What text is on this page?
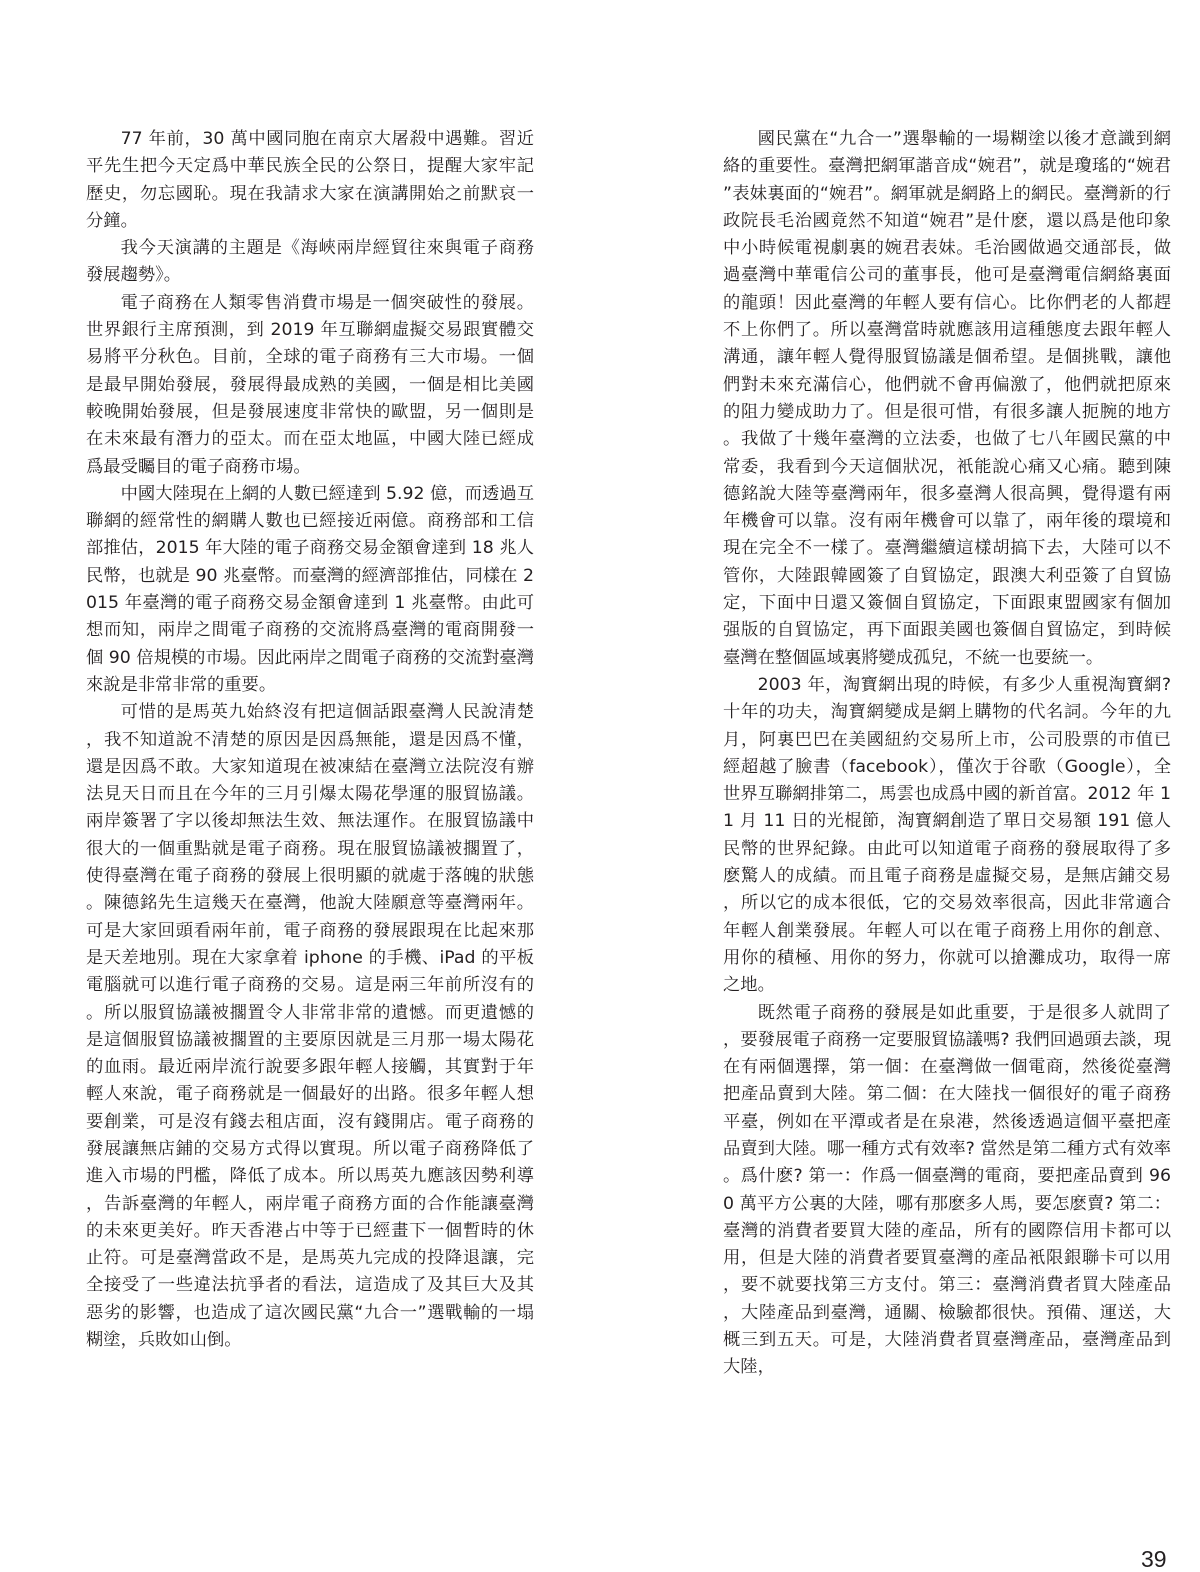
77 年前，30 萬中國同胞在南京大屠殺中遇難。習近平先生把今天定爲中華民族全民的公祭日，提醒大家牢記歷史，勿忘國恥。現在我請求大家在演講開始之前默哀一分鐘。

我今天演講的主題是《海峽兩岸經貿往來與電子商務發展趨勢》。

電子商務在人類零售消費市場是一個突破性的發展。世界銀行主席預測，到 2019 年互聯網虛擬交易跟實體交易將平分秋色。目前，全球的電子商務有三大市場。一個是最早開始發展，發展得最成熟的美國，一個是相比美國較晚開始發展，但是發展速度非常快的歐盟，另一個則是在未來最有潛力的亞太。而在亞太地區，中國大陸已經成爲最受矚目的電子商務市場。

中國大陸現在上網的人數已經達到 5.92 億，而透過互聯網的經常性的網購人數也已經接近兩億。商務部和工信部推估，2015 年大陸的電子商務交易金額會達到 18 兆人民幣，也就是 90 兆臺幣。而臺灣的經濟部推估，同樣在 2015 年臺灣的電子商務交易金額會達到 1 兆臺幣。由此可想而知，兩岸之間電子商務的交流將爲臺灣的電商開發一個 90 倍規模的市場。因此兩岸之間電子商務的交流對臺灣來說是非常非常的重要。

可惜的是馬英九始終沒有把這個話跟臺灣人民說清楚，我不知道說不清楚的原因是因爲無能，還是因爲不懂，還是因爲不敢。大家知道現在被凍結在臺灣立法院沒有辦法見天日而且在今年的三月引爆太陽花學運的服貿協議。兩岸簽署了字以後却無法生效、無法運作。在服貿協議中很大的一個重點就是電子商務。現在服貿協議被擱置了，使得臺灣在電子商務的發展上很明顯的就處于落魄的狀態。陳德銘先生這幾天在臺灣，他說大陸願意等臺灣兩年。可是大家回頭看兩年前，電子商務的發展跟現在比起來那是天差地別。現在大家拿着 iphone 的手機、iPad 的平板電腦就可以進行電子商務的交易。這是兩三年前所沒有的。所以服貿協議被擱置令人非常非常的遺憾。而更遺憾的是這個服貿協議被擱置的主要原因就是三月那一場太陽花的血雨。最近兩岸流行說要多跟年輕人接觸，其實對于年輕人來說，電子商務就是一個最好的出路。很多年輕人想要創業，可是沒有錢去租店面，沒有錢開店。電子商務的發展讓無店鋪的交易方式得以實現。所以電子商務降低了進入市場的門檻，降低了成本。所以馬英九應該因勢利導，告訴臺灣的年輕人，兩岸電子商務方面的合作能讓臺灣的未來更美好。昨天香港占中等于已經畫下一個暫時的休止符。可是臺灣當政不是，是馬英九完成的投降退讓，完全接受了一些違法抗爭者的看法，這造成了及其巨大及其惡劣的影響，也造成了這次國民黨“九合一”選戰輸的一塌糊塗，兵敗如山倒。

國民黨在“九合一”選舉輸的一場糊塗以後才意識到網絡的重要性。臺灣把網軍諧音成“婉君”，就是瓊瑤的“婉君”表妹裏面的“婉君”。網軍就是網路上的網民。臺灣新的行政院長毛治國竟然不知道“婉君”是什麽，還以爲是他印象中小時候電視劇裏的婉君表妹。毛治國做過交通部長，做過臺灣中華電信公司的董事長，他可是臺灣電信網絡裏面的龍頭！因此臺灣的年輕人要有信心。比你們老的人都趕不上你們了。所以臺灣當時就應該用這種態度去跟年輕人溝通，讓年輕人覺得服貿協議是個希望。是個挑戰，讓他們對未來充滿信心，他們就不會再偏激了，他們就把原來的阻力變成助力了。但是很可惜，有很多讓人扼腕的地方。我做了十幾年臺灣的立法委，也做了七八年國民黨的中常委，我看到今天這個狀况，衹能說心痛又心痛。聽到陳德銘說大陸等臺灣兩年，很多臺灣人很高興，覺得還有兩年機會可以靠。沒有兩年機會可以靠了，兩年後的環境和現在完全不一樣了。臺灣繼續這樣胡搞下去，大陸可以不管你，大陸跟韓國簽了自貿協定，跟澳大利亞簽了自貿協定，下面中日還又簽個自貿協定，下面跟東盟國家有個加强版的自貿協定，再下面跟美國也簽個自貿協定，到時候臺灣在整個區域裏將變成孤兒，不統一也要統一。

2003 年，淘寶網出現的時候，有多少人重視淘寶網?十年的功夫，淘寶網變成是網上購物的代名詞。今年的九月，阿裏巴巴在美國紐約交易所上市，公司股票的市值已經超越了臉書（facebook），僅次于谷歌（Google），全世界互聯網排第二，馬雲也成爲中國的新首富。2012 年 11 月 11 日的光棍節，淘寶網創造了單日交易額 191 億人民幣的世界紀錄。由此可以知道電子商務的發展取得了多麽驚人的成績。而且電子商務是虛擬交易，是無店鋪交易，所以它的成本很低，它的交易效率很高，因此非常適合年輕人創業發展。年輕人可以在電子商務上用你的創意、用你的積極、用你的努力，你就可以搶灘成功，取得一席之地。

既然電子商務的發展是如此重要，于是很多人就問了，要發展電子商務一定要服貿協議嗎? 我們回過頭去談，現在有兩個選擇，第一個：在臺灣做一個電商，然後從臺灣把產品賣到大陸。第二個：在大陸找一個很好的電子商務平臺，例如在平潭或者是在泉港，然後透過這個平臺把產品賣到大陸。哪一種方式有效率? 當然是第二種方式有效率。爲什麽? 第一：作爲一個臺灣的電商，要把產品賣到 960 萬平方公裏的大陸，哪有那麽多人馬，要怎麽賣? 第二：臺灣的消費者要買大陸的產品，所有的國際信用卡都可以用，但是大陸的消費者要買臺灣的產品衹限銀聯卡可以用，要不就要找第三方支付。第三：臺灣消費者買大陸產品，大陸產品到臺灣，通關、檢驗都很快。預備、運送，大概三到五天。可是，大陸消費者買臺灣產品，臺灣產品到大陸，

39
